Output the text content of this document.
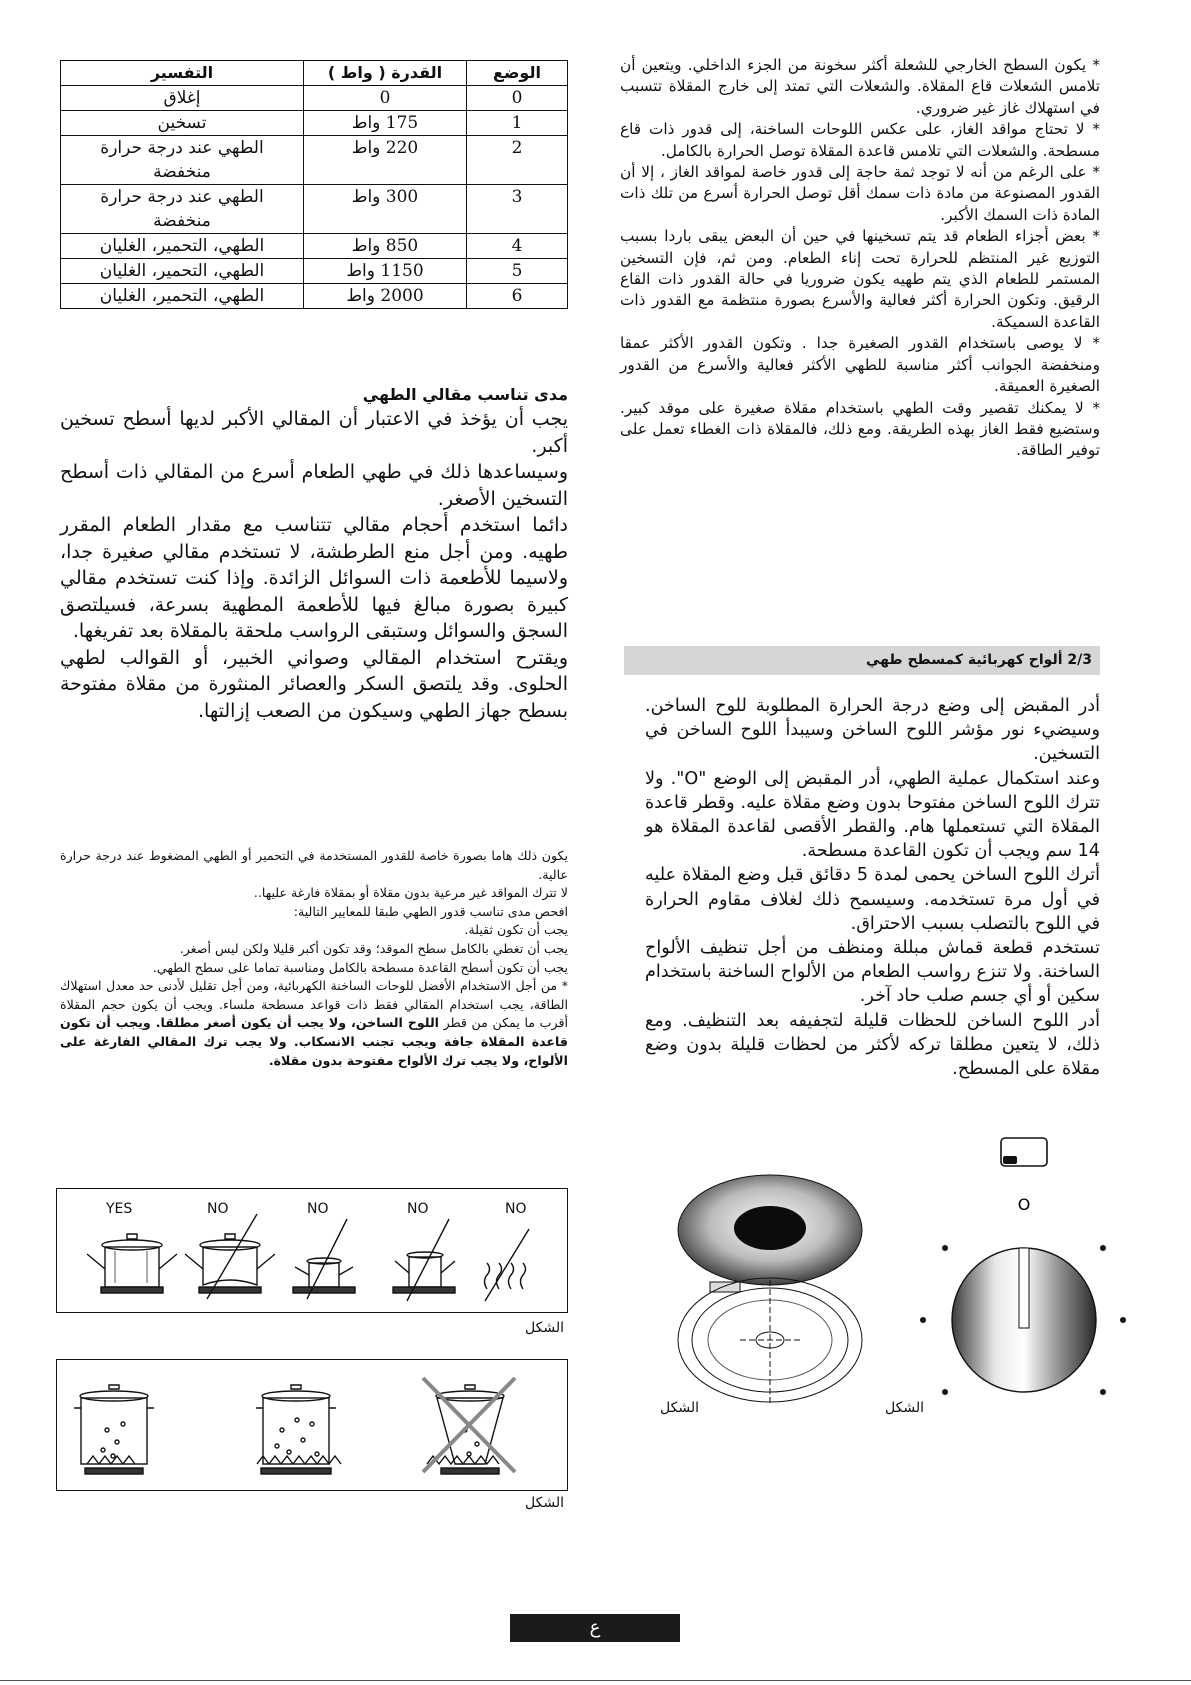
* يكون السطح الخارجي للشعلة أكثر سخونة من الجزء الداخلي. ويتعين أن تلامس الشعلات قاع المقلاة. والشعلات التي تمتد إلى خارج المقلاة تتسبب في استهلاك غاز غير ضروري.

* لا تحتاج مواقد الغاز، على عكس اللوحات الساخنة، إلى قدور ذات قاع مسطحة. والشعلات التي تلامس قاعدة المقلاة توصل الحرارة بالكامل.

* على الرغم من أنه لا توجد ثمة حاجة إلى قدور خاصة لمواقد الغاز ، إلا أن القدور المصنوعة من مادة ذات سمك أقل توصل الحرارة أسرع من تلك ذات المادة ذات السمك الأكبر.

* بعض أجزاء الطعام قد يتم تسخينها في حين أن البعض يبقى باردا بسبب التوزيع غير المنتظم للحرارة تحت إناء الطعام. ومن ثم، فإن التسخين المستمر للطعام الذي يتم طهيه يكون ضروريا في حالة القدور ذات القاع الرقيق. وتكون الحرارة أكثر فعالية والأسرع بصورة منتظمة مع القدور ذات القاعدة السميكة.

* لا يوصى باستخدام القدور الصغيرة جدا . وتكون القدور الأكثر عمقا ومنخفضة الجوانب أكثر مناسبة للطهي الأكثر فعالية والأسرع من القدور الصغيرة العميقة.

* لا يمكنك تقصير وقت الطهي باستخدام مقلاة صغيرة على موقد كبير. وستضيع فقط الغاز بهذه الطريقة. ومع ذلك، فالمقلاة ذات الغطاء تعمل على توفير الطاقة.

2/3 ألواح كهربائية كمسطح طهي

أدر المقبض إلى وضع درجة الحرارة المطلوبة للوح الساخن. وسيضيء نور مؤشر اللوح الساخن وسيبدأ اللوح الساخن في التسخين.

وعند استكمال عملية الطهي، أدر المقبض إلى الوضع "O". ولا تترك اللوح الساخن مفتوحا بدون وضع مقلاة عليه. وقطر قاعدة المقلاة التي تستعملها هام. والقطر الأقصى لقاعدة المقلاة هو 14 سم ويجب أن تكون القاعدة مسطحة.

أترك اللوح الساخن يحمى لمدة 5 دقائق قبل وضع المقلاة عليه في أول مرة تستخدمه. وسيسمح ذلك لغلاف مقاوم الحرارة في اللوح بالتصلب بسبب الاحتراق.

تستخدم قطعة قماش مبللة ومنظف من أجل تنظيف الألواح الساخنة. ولا تنزع رواسب الطعام من الألواح الساخنة باستخدام سكين أو أي جسم صلب حاد آخر.

أدر اللوح الساخن للحظات قليلة لتجفيفه بعد التنظيف. ومع ذلك، لا يتعين مطلقا تركه لأكثر من لحظات قليلة بدون وضع مقلاة على المسطح.

الوضع	القدرة ( واط )	التفسير
0	0	إغلاق
1	175 واط	تسخين
2	220 واط	الطهي عند درجة حرارة منخفضة
3	300 واط	الطهي عند درجة حرارة منخفضة
4	850 واط	الطهي، التحمير، الغليان
5	1150 واط	الطهي، التحمير، الغليان
6	2000 واط	الطهي، التحمير، الغليان

مدى تناسب مقالي الطهي

يجب أن يؤخذ في الاعتبار أن المقالي الأكبر لديها أسطح تسخين أكبر.

وسيساعدها ذلك في طهي الطعام أسرع من المقالي ذات أسطح التسخين الأصغر.

دائما استخدم أحجام مقالي تتناسب مع مقدار الطعام المقرر طهيه. ومن أجل منع الطرطشة، لا تستخدم مقالي صغيرة جدا، ولاسيما للأطعمة ذات السوائل الزائدة. وإذا كنت تستخدم مقالي كبيرة بصورة مبالغ فيها للأطعمة المطهية بسرعة، فسيلتصق السجق والسوائل وستبقى الرواسب ملحقة بالمقلاة بعد تفريغها.

ويقترح استخدام المقالي وصواني الخبير، أو القوالب لطهي الحلوى. وقد يلتصق السكر والعصائر المنثورة من مقلاة مفتوحة بسطح جهاز الطهي وسيكون من الصعب إزالتها.

يكون ذلك هاما بصورة خاصة للقدور المستخدمة في التحمير أو الطهي المضغوط عند درجة حرارة عالية.

لا تترك المواقد غير مرعية بدون مقلاة أو بمقلاة فارغة عليها..

افحص مدى تناسب قدور الطهي طبقا للمعايير التالية:

يجب أن تكون ثقيلة.

يجب أن تغطي بالكامل سطح الموقد؛ وقد تكون أكبر قليلا ولكن ليس أصغر.

يجب أن تكون أسطح القاعدة مسطحة بالكامل ومناسبة تماما على سطح الطهي.

* من أجل الاستخدام الأفضل للوحات الساخنة الكهربائية، ومن أجل تقليل لأدنى حد معدل استهلاك الطاقة، يجب استخدام المقالي فقط ذات قواعد مسطحة ملساء. ويجب أن يكون حجم المقلاة أقرب ما يمكن من قطر اللوح الساخن، ولا يجب أن يكون أصغر مطلقا. ويجب أن تكون قاعدة المقلاة جافة ويجب تجنب الانسكاب. ولا يجب ترك المقالي الفارغة على الألواح، ولا يجب ترك الألواح مفتوحة بدون مقلاة.

YES	NO	NO	NO	NO
الشكل
الشكل
الشكل
O
الشكل
ع
